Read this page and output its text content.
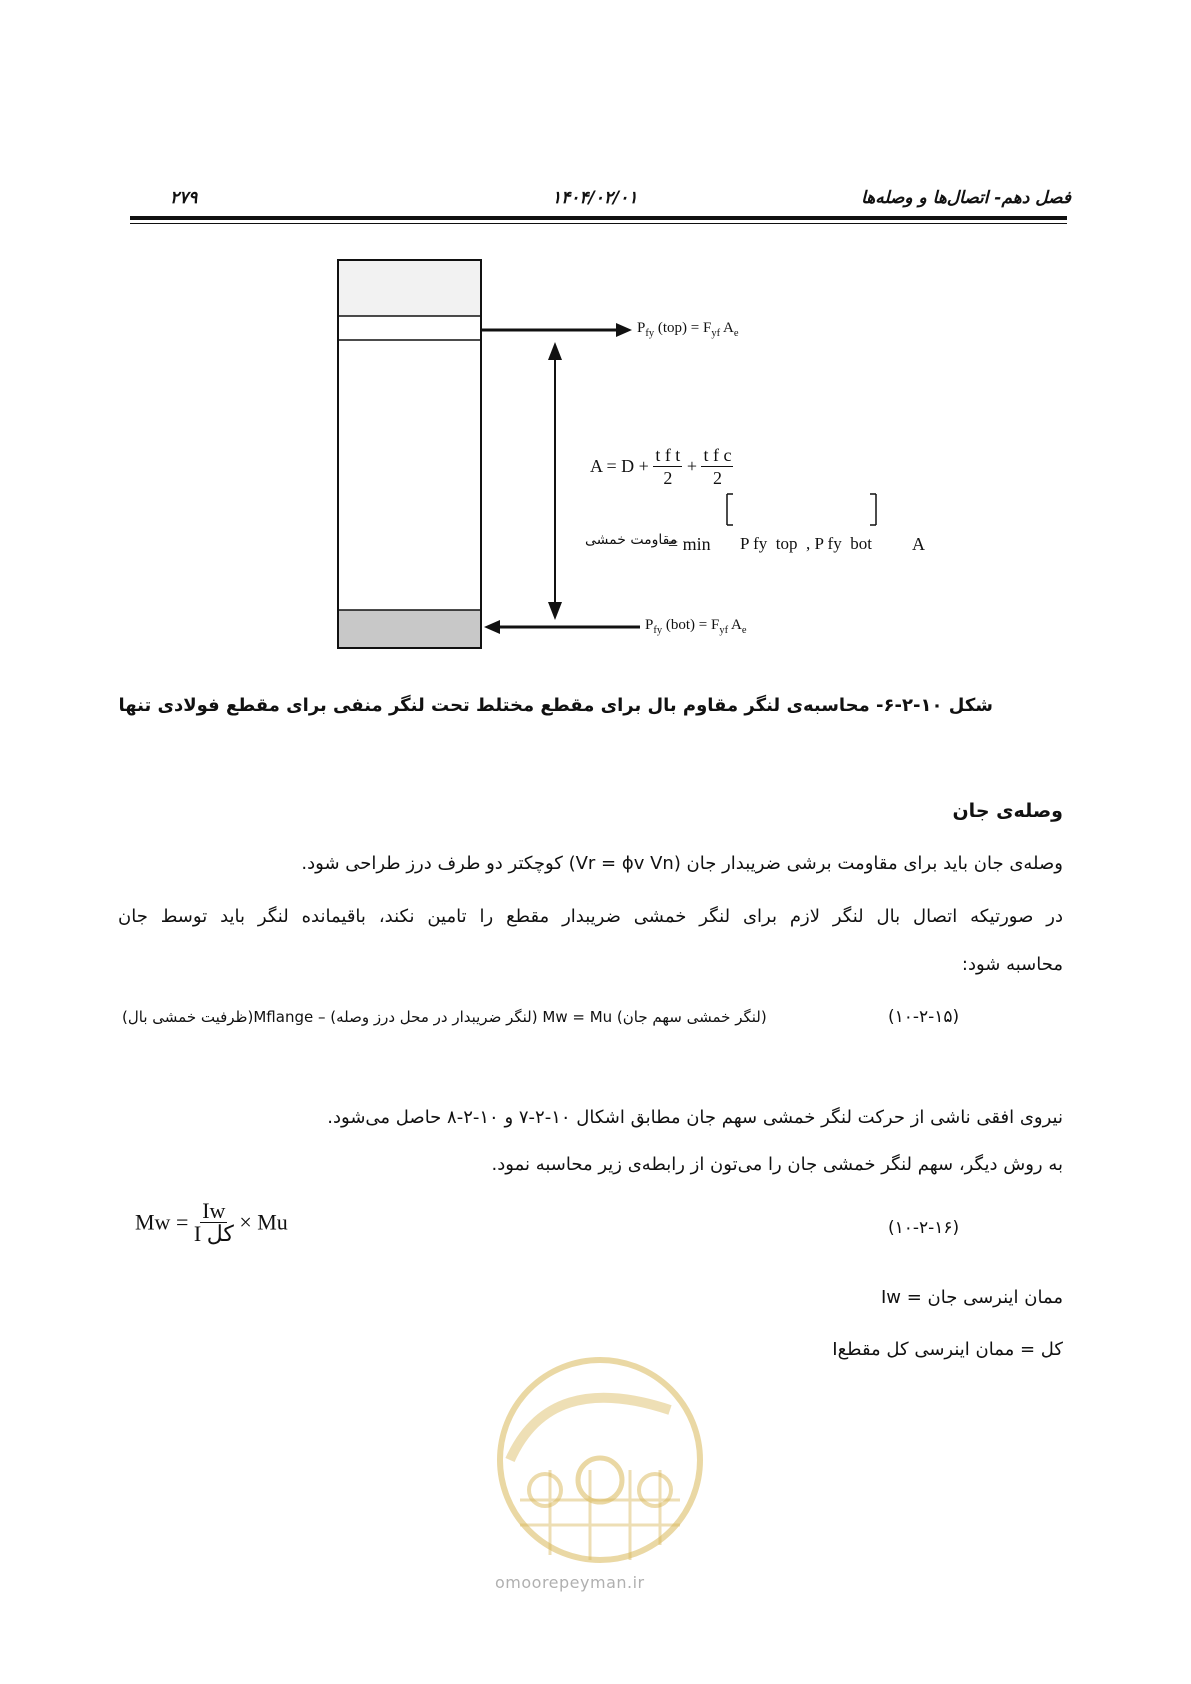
فصل دهم- اتصال‌ها و وصله‌ها
۱۴۰۴/۰۲/۰۱
۲۷۹
$P_{fy}$ $(top) = F_{yf}$ $A_e$
$P_{fy}$ $(bot) = F_{yf}$ $A_e$
$A = D + \frac{\text{t f t}}{2} + \frac{\text{t f c}}{2}$
مقاومت خمشی
= min P fy  top  , P fy  bot A
شکل ۱۰-۲-۶- محاسبه‌ی لنگر مقاوم بال برای مقطع مختلط تحت لنگر منفی برای مقطع فولادی تنها
وصله‌ی جان
وصله‌ی جان باید برای مقاومت برشی ضریبدار جان (Vr = ϕv Vn) کوچکتر دو طرف درز طراحی شود.
در صورتیکه اتصال بال لنگر لازم برای لنگر خمشی ضریبدار مقطع را تامین نکند، باقیمانده لنگر باید توسط جان
محاسبه شود:
(۱۰-۲-۱۵)
(لنگر خمشی سهم جان) Mw = Mu (لنگر ضریبدار در محل درز وصله) – Mflange(ظرفیت خمشی بال)
نیروی افقی ناشی از حرکت لنگر خمشی سهم جان مطابق اشکال ۱۰-۲-۷ و ۱۰-۲-۸ حاصل می‌شود.
به روش دیگر، سهم لنگر خمشی جان را می‌تون از رابطه‌ی زیر محاسبه نمود.
(۱۰-۲-۱۶)
$Mw = \frac{Iw}{\text{I کل}} \times Mu$
Iw = ممان اینرسی جان
Iکل = ممان اینرسی کل مقطع
omoorepeyman.ir
